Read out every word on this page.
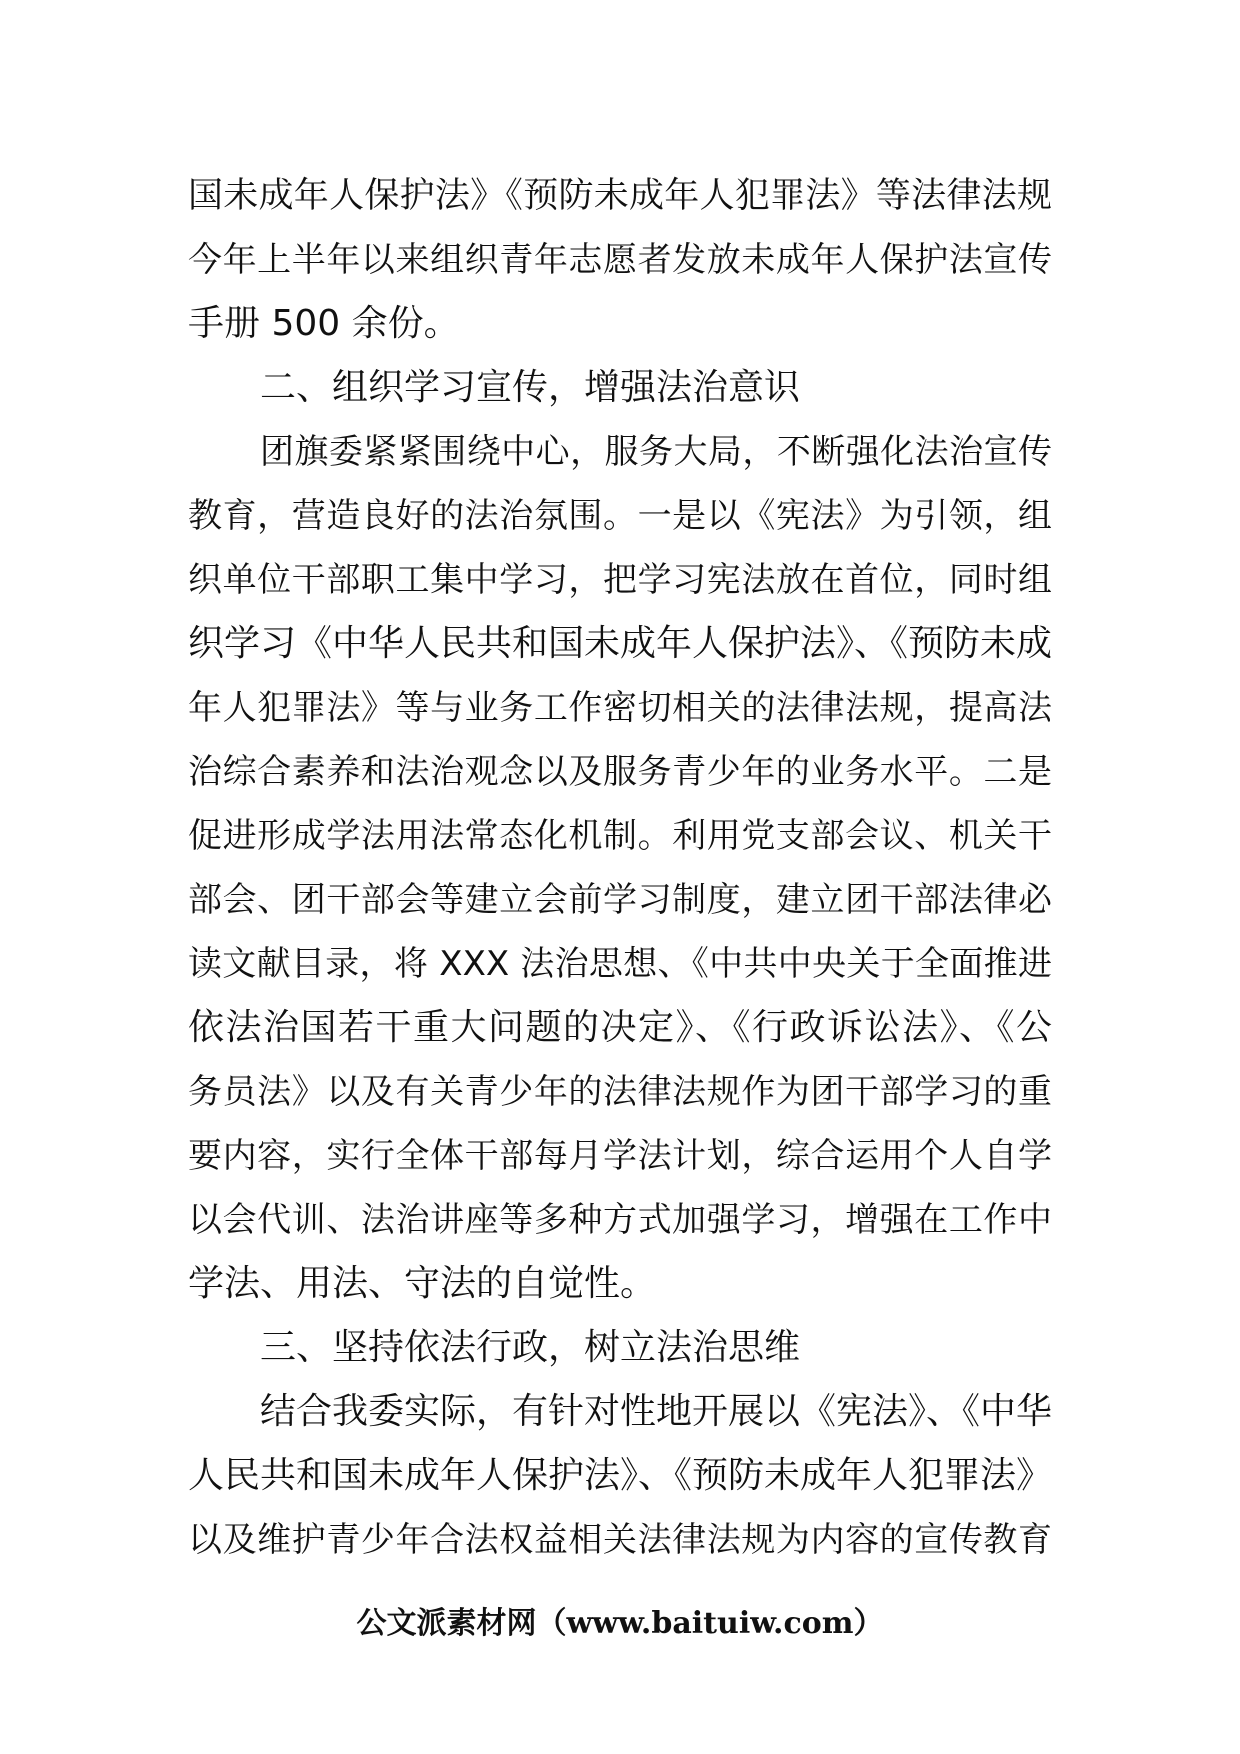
国未成年人保护法》《预防未成年人犯罪法》等法律法规
今年上半年以来组织青年志愿者发放未成年人保护法宣传
手册 500 余份。
二、组织学习宣传，增强法治意识
团旗委紧紧围绕中心，服务大局，不断强化法治宣传
教育，营造良好的法治氛围。一是以《宪法》为引领，组
织单位干部职工集中学习，把学习宪法放在首位，同时组
织学习《中华人民共和国未成年人保护法》、《预防未成
年人犯罪法》等与业务工作密切相关的法律法规，提高法
治综合素养和法治观念以及服务青少年的业务水平。二是
促进形成学法用法常态化机制。利用党支部会议、机关干
部会、团干部会等建立会前学习制度，建立团干部法律必
读文献目录，将 XXX 法治思想、《中共中央关于全面推进
依法治国若干重大问题的决定》、《行政诉讼法》、《公
务员法》以及有关青少年的法律法规作为团干部学习的重
要内容，实行全体干部每月学法计划，综合运用个人自学
以会代训、法治讲座等多种方式加强学习，增强在工作中
学法、用法、守法的自觉性。
三、坚持依法行政，树立法治思维
结合我委实际，有针对性地开展以《宪法》、《中华
人民共和国未成年人保护法》、《预防未成年人犯罪法》
以及维护青少年合法权益相关法律法规为内容的宣传教育
公文派素材网（www.baituiw.com）
